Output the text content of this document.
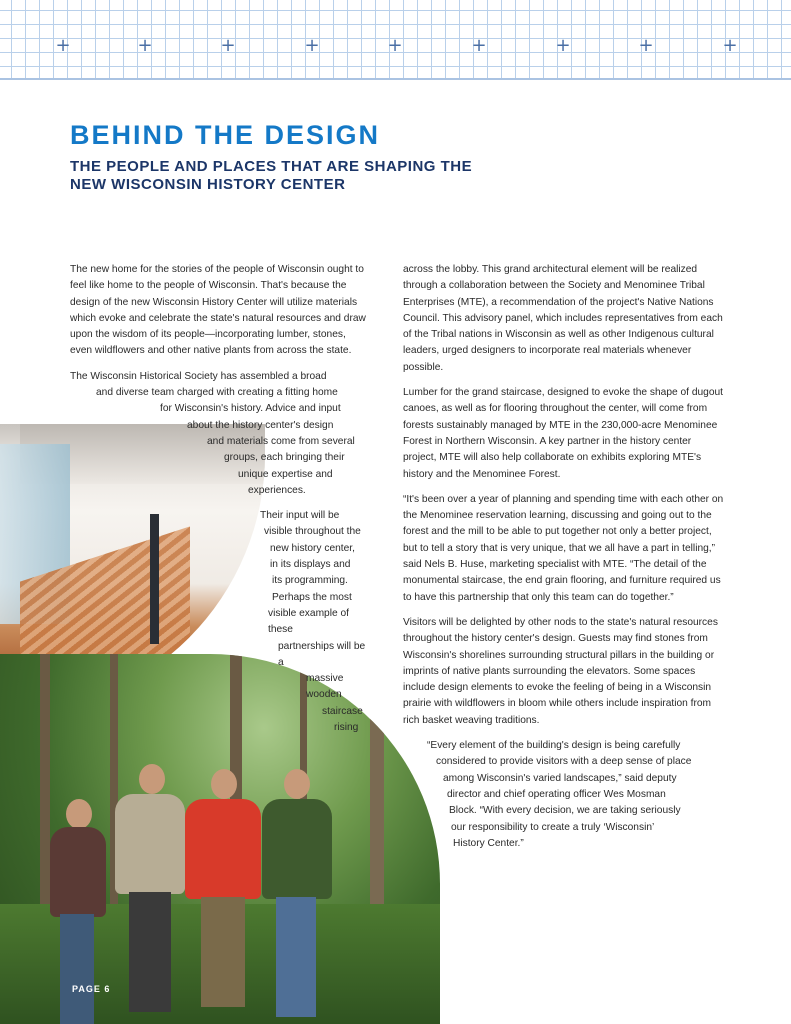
+	+	+	+	+	+	+	+	+
BEHIND THE DESIGN
THE PEOPLE AND PLACES THAT ARE SHAPING THE NEW WISCONSIN HISTORY CENTER
PAGE 6

The new home for the stories of the people of Wisconsin ought to feel like home to the people of Wisconsin. That's because the design of the new Wisconsin History Center will utilize materials which evoke and celebrate the state's natural resources and draw upon the wisdom of its people—incorporating lumber, stones, even wildflowers and other native plants from across the state.

The Wisconsin Historical Society has assembled a broad
and diverse team charged with creating a fitting home
for Wisconsin's history. Advice and input
about the history center's design
and materials come from several
groups, each bringing their
unique expertise and
experiences.

Their input will be
visible throughout the
new history center,
in its displays and
its programming.
Perhaps the most
visible example of these
partnerships will be a
massive wooden
staircase
rising

across the lobby. This grand architectural element will be realized through a collaboration between the Society and Menominee Tribal Enterprises (MTE), a recommendation of the project's Native Nations Council. This advisory panel, which includes representatives from each of the Tribal nations in Wisconsin as well as other Indigenous cultural leaders, urged designers to incorporate real materials whenever possible.

Lumber for the grand staircase, designed to evoke the shape of dugout canoes, as well as for flooring throughout the center, will come from forests sustainably managed by MTE in the 230,000-acre Menominee Forest in Northern Wisconsin. A key partner in the history center project, MTE will also help collaborate on exhibits exploring MTE's history and the Menominee Forest.

“It's been over a year of planning and spending time with each other on the Menominee reservation learning, discussing and going out to the forest and the mill to be able to put together not only a better project, but to tell a story that is very unique, that we all have a part in telling,” said Nels B. Huse, marketing specialist with MTE. “The detail of the monumental staircase, the end grain flooring, and furniture required us to have this partnership that only this team can do together.”

Visitors will be delighted by other nods to the state's natural resources throughout the history center's design. Guests may find stones from Wisconsin's shorelines surrounding structural pillars in the building or imprints of native plants surrounding the elevators. Some spaces include design elements to evoke the feeling of being in a Wisconsin prairie with wildflowers in bloom while others include inspiration from rich basket weaving traditions.

“Every element of the building's design is being carefully
considered to provide visitors with a deep sense of place
among Wisconsin's varied landscapes,” said deputy
director and chief operating officer Wes Mosman
Block. “With every decision, we are taking seriously
our responsibility to create a truly ‘Wisconsin’
History Center.”
